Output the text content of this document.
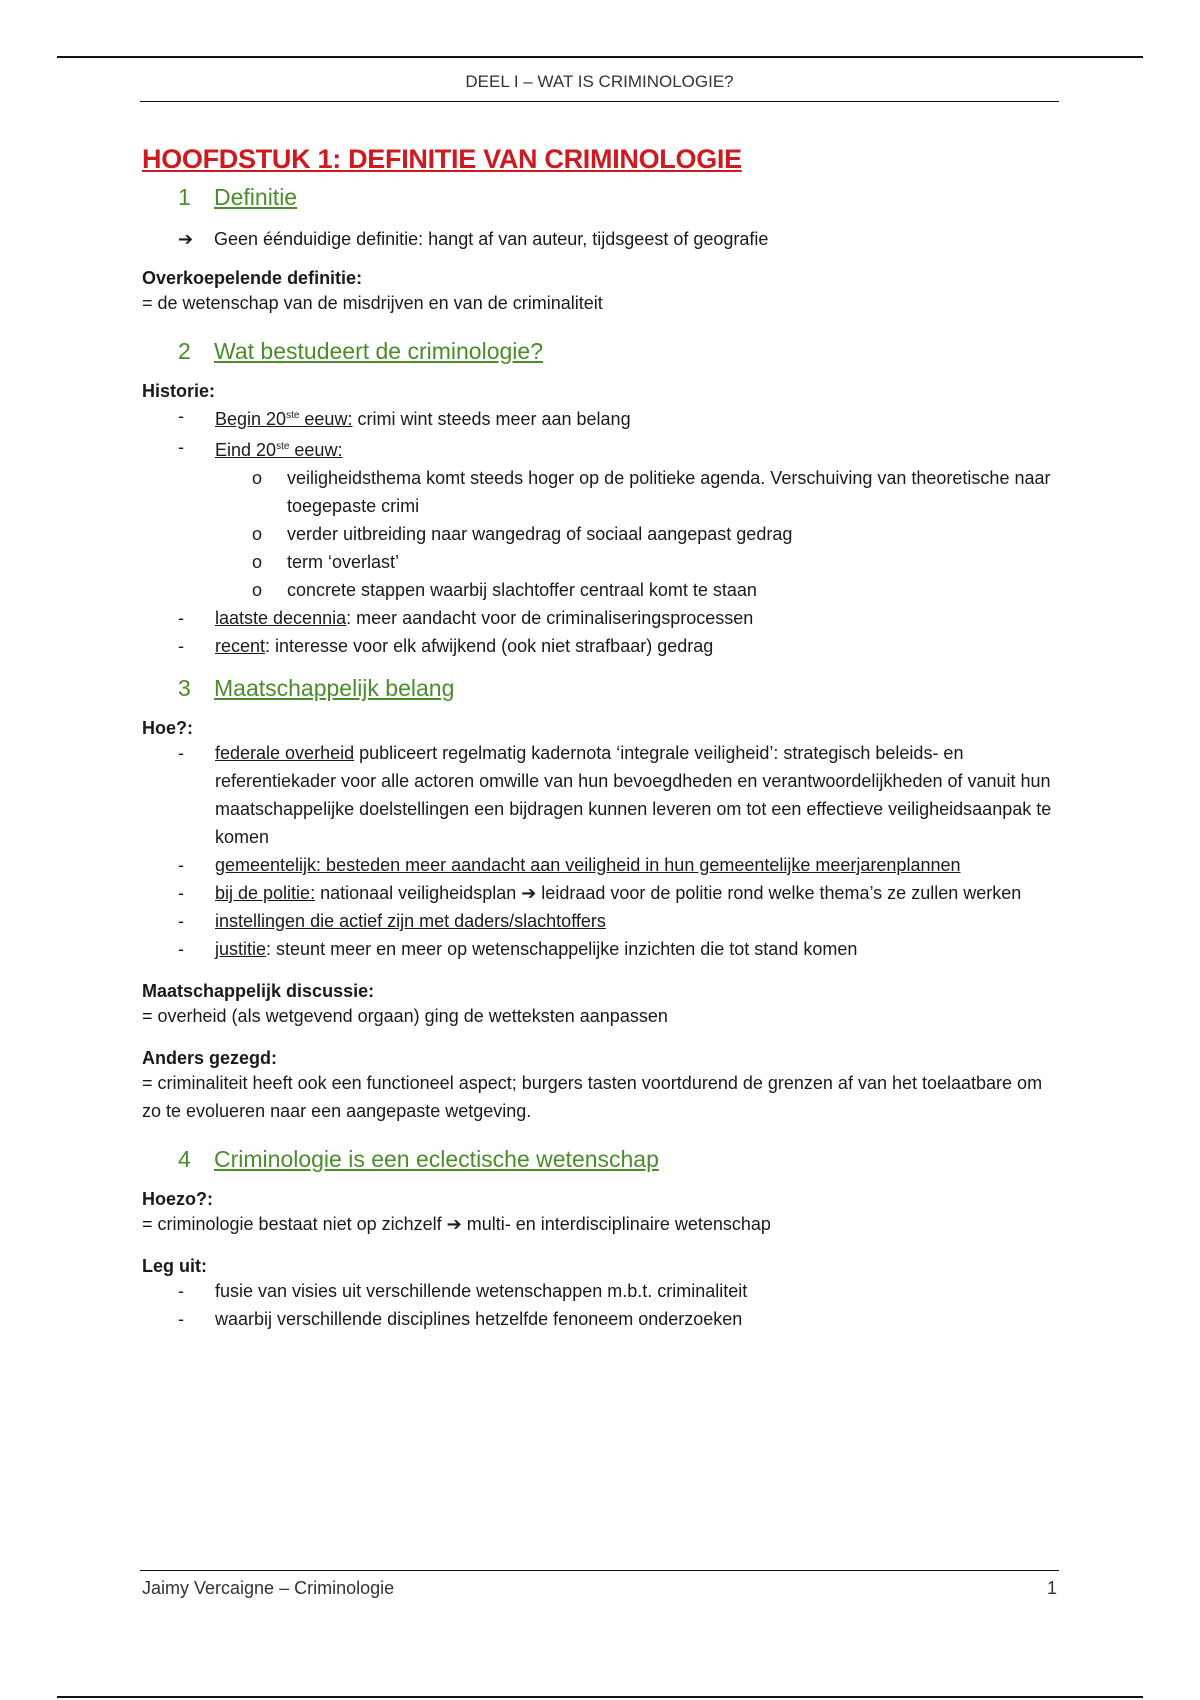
DEEL I – WAT IS CRIMINOLOGIE?
HOOFDSTUK 1: DEFINITIE VAN CRIMINOLOGIE
1	Definitie
➔	Geen éénduidige definitie: hangt af van auteur, tijdsgeest of geografie

Overkoepelende definitie:

= de wetenschap van de misdrijven en van de criminaliteit

2	Wat bestudeert de criminologie?

Historie:

- Begin 20ste eeuw: crimi wint steeds meer aan belang
- Eind 20ste eeuw:
o veiligheidsthema komt steeds hoger op de politieke agenda. Verschuiving van theoretische naar toegepaste crimi
o verder uitbreiding naar wangedrag of sociaal aangepast gedrag
o term ‘overlast’
o concrete stappen waarbij slachtoffer centraal komt te staan
- laatste decennia: meer aandacht voor de criminaliseringsprocessen
- recent: interesse voor elk afwijkend (ook niet strafbaar) gedrag
3	Maatschappelijk belang

Hoe?:

- federale overheid publiceert regelmatig kadernota ‘integrale veiligheid’: strategisch beleids- en referentiekader voor alle actoren omwille van hun bevoegdheden en verantwoordelijkheden of vanuit hun maatschappelijke doelstellingen een bijdragen kunnen leveren om tot een effectieve veiligheidsaanpak te komen
- gemeentelijk: besteden meer aandacht aan veiligheid in hun gemeentelijke meerjarenplannen
- bij de politie: nationaal veiligheidsplan ➔ leidraad voor de politie rond welke thema’s ze zullen werken
- instellingen die actief zijn met daders/slachtoffers
- justitie: steunt meer en meer op wetenschappelijke inzichten die tot stand komen

Maatschappelijk discussie:

= overheid (als wetgevend orgaan) ging de wetteksten aanpassen

Anders gezegd:

= criminaliteit heeft ook een functioneel aspect; burgers tasten voortdurend de grenzen af van het toelaatbare om zo te evolueren naar een aangepaste wetgeving.

4	Criminologie is een eclectische wetenschap

Hoezo?:

= criminologie bestaat niet op zichzelf ➔ multi- en interdisciplinaire wetenschap

Leg uit:

- fusie van visies uit verschillende wetenschappen m.b.t. criminaliteit
- waarbij verschillende disciplines hetzelfde fenoneem onderzoeken
Jaimy Vercaigne – Criminologie	1
